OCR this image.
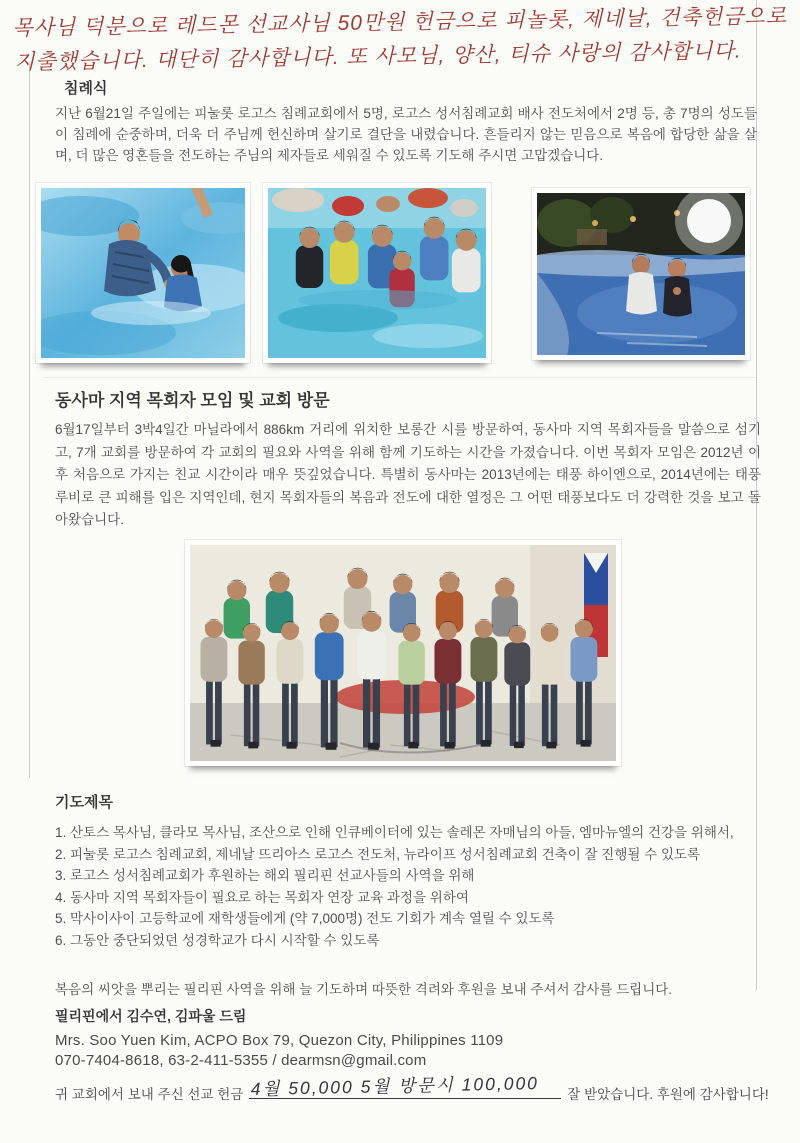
목사님 덕분으로 레드몬 선교사님 50만원 헌금으로 피놀롯, 제네날, 건축헌금으로
지출했습니다. 대단히 감사합니다. 또 사모님, 양산, 티슈 사랑의 감사합니다.
침례식
지난 6월21일 주일에는 피눌롯 로고스 침례교회에서 5명, 로고스 성서침례교회 배사 전도처에서 2명 등, 총 7명의 성도들이 침례에 순중하며, 더욱 더 주님께 헌신하며 살기로 결단을 내렸습니다. 흔들리지 않는 믿음으로 복음에 합당한 삶을 살며, 더 많은 영혼들을 전도하는 주님의 제자들로 세워질 수 있도록 기도해 주시면 고맙겠습니다.
동사마 지역 목회자 모임 및 교회 방문
6월17일부터 3박4일간 마닐라에서 886km 거리에 위치한 보롱간 시를 방문하여, 동사마 지역 목회자들을 말씀으로 섬기고, 7개 교회를 방문하여 각 교회의 필요와 사역을 위해 함께 기도하는 시간을 가졌습니다. 이번 목회자 모임은 2012년 이후 처음으로 가지는 친교 시간이라 매우 뜻깊었습니다. 특별히 동사마는 2013년에는 태풍 하이엔으로, 2014년에는 태풍 루비로 큰 피해를 입은 지역인데, 현지 목회자들의 복음과 전도에 대한 열정은 그 어떤 태풍보다도 더 강력한 것을 보고 돌아왔습니다.
기도제목
1. 산토스 목사님, 클라모 목사님, 조산으로 인해 인큐베이터에 있는 솔레몬 자매님의 아들, 엠마뉴엘의 건강을 위해서,
2. 피눌롯 로고스 침례교회, 제네날 뜨리아스 로고스 전도처, 뉴라이프 성서침례교회 건축이 잘 진행될 수 있도록
3. 로고스 성서침례교회가 후원하는 해외 필리핀 선교사들의 사역을 위해
4. 동사마 지역 목회자들이 필요로 하는 목회자 연장 교육 과정을 위하여
5. 막사이사이 고등학교에 재학생들에게 (약 7,000명) 전도 기회가 계속 열릴 수 있도록
6. 그동안 중단되었던 성경학교가 다시 시작할 수 있도록
복음의 씨앗을 뿌리는 필리핀 사역을 위해 늘 기도하며 따뜻한 격려와 후원을 보내 주셔서 감사를 드립니다.
필리핀에서 김수연, 김파울 드림
Mrs. Soo Yuen Kim, ACPO Box 79, Quezon City, Philippines 1109
070-7404-8618, 63-2-411-5355 / dearmsn@gmail.com
귀 교회에서 보내 주신 선교 헌금 4월 50,000 5월 방문시 100,000 잘 받았습니다. 후원에 감사합니다!
